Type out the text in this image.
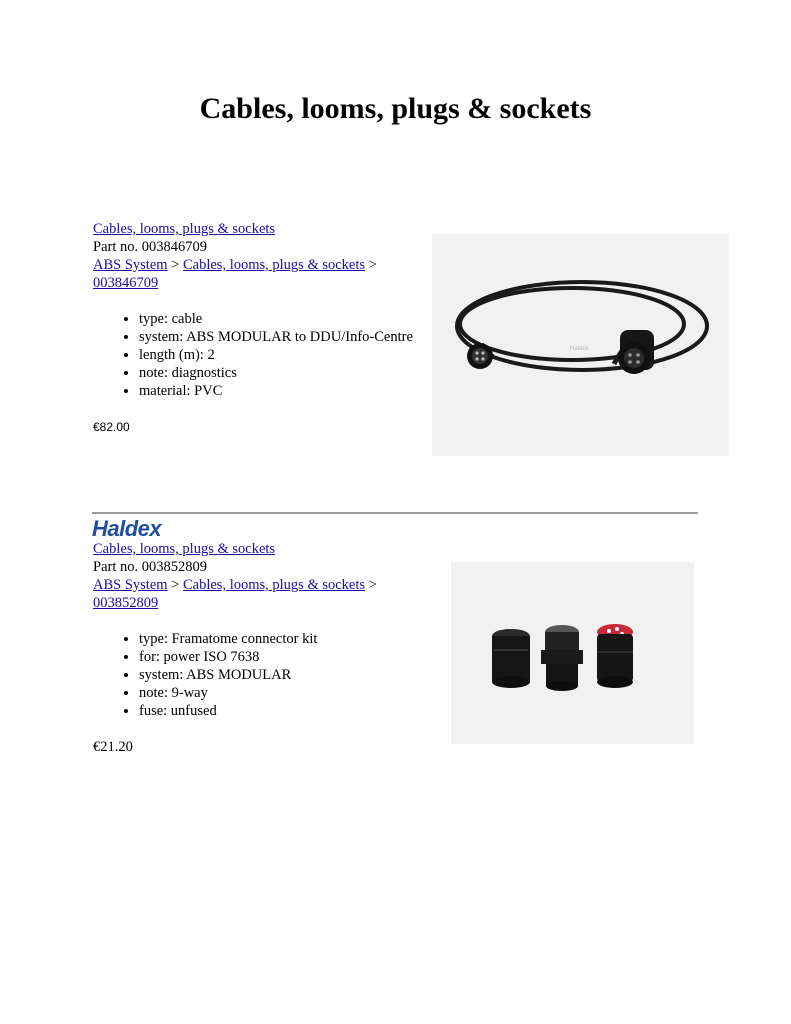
Cables, looms, plugs & sockets
Cables, looms, plugs & sockets
Part no. 003846709
ABS System > Cables, looms, plugs & sockets > 003846709
• type: cable
• system: ABS MODULAR to DDU/Info-Centre
• length (m): 2
• note: diagnostics
• material: PVC
€82.00
Haldex
Haldex
Cables, looms, plugs & sockets
Part no. 003852809
ABS System > Cables, looms, plugs & sockets > 003852809
• type: Framatome connector kit
• for: power ISO 7638
• system: ABS MODULAR
• note: 9-way
• fuse: unfused
€21.20
